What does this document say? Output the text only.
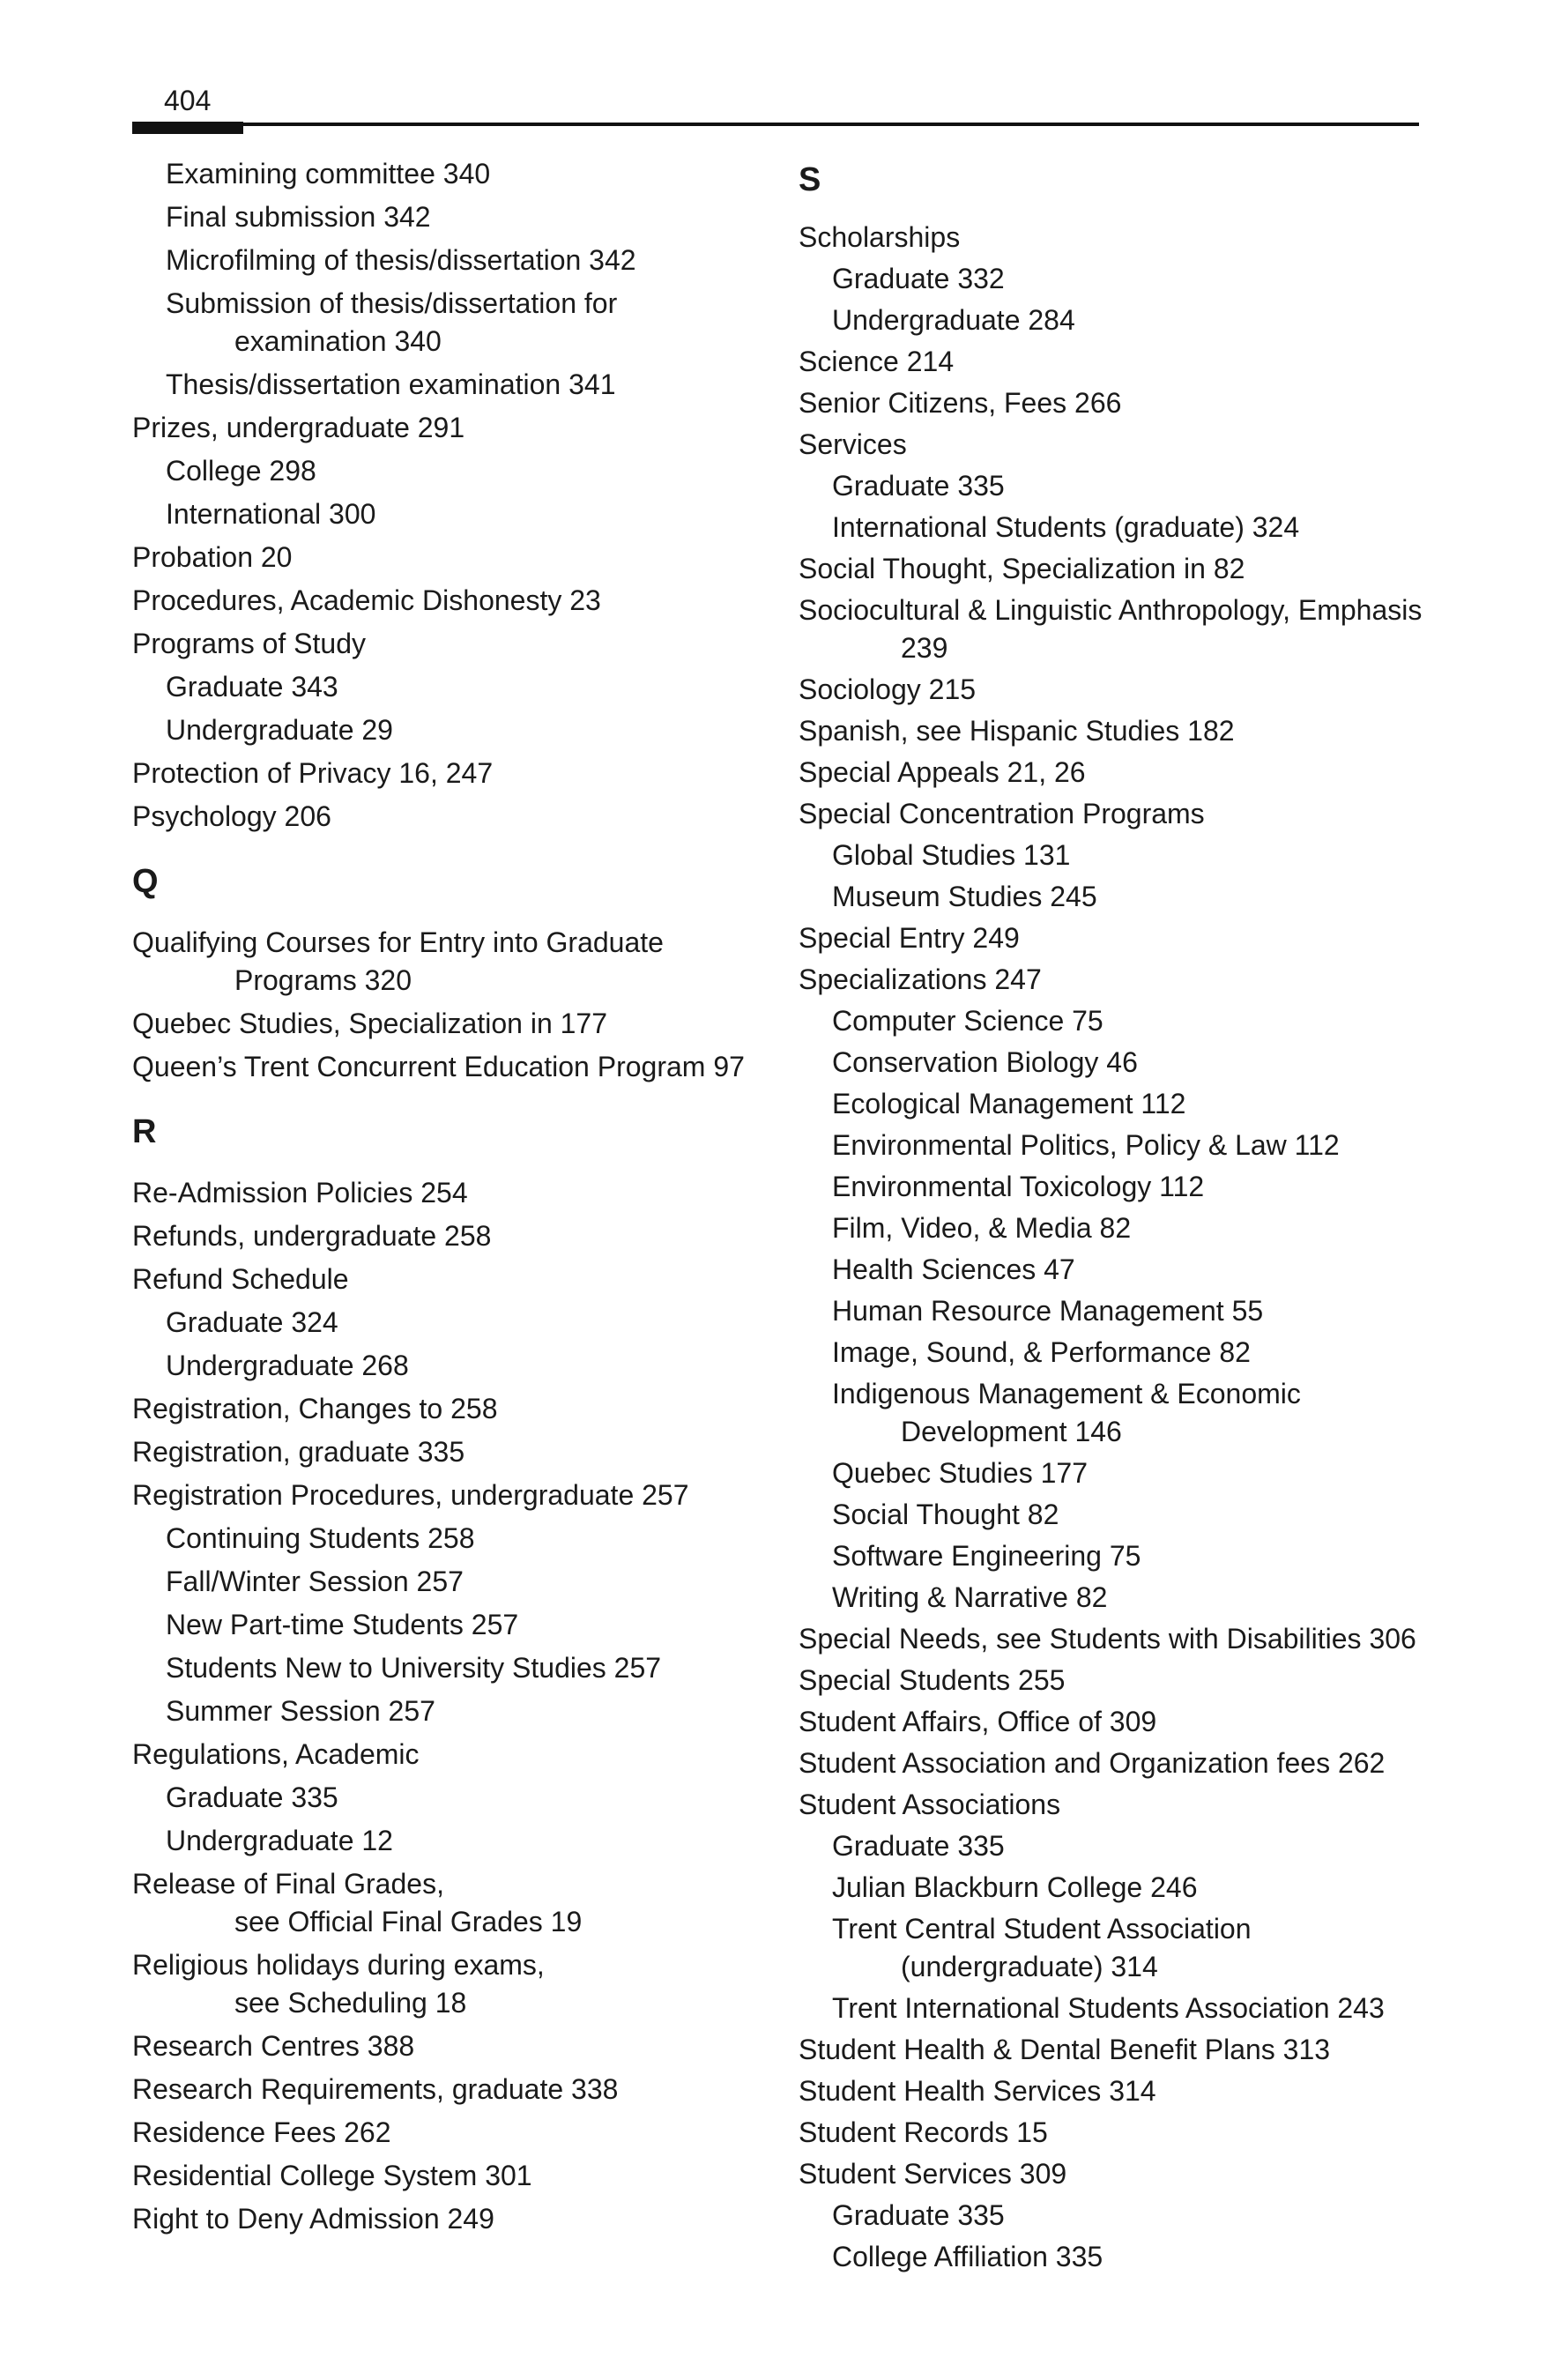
404
Examining committee 340
Final submission 342
Microfilming of thesis/dissertation 342
Submission of thesis/dissertation for
examination 340
Thesis/dissertation examination 341
Prizes, undergraduate 291
College 298
International 300
Probation 20
Procedures, Academic Dishonesty 23
Programs of Study
Graduate 343
Undergraduate 29
Protection of Privacy 16, 247
Psychology 206
Q
Qualifying Courses for Entry into Graduate
Programs 320
Quebec Studies, Specialization in 177
Queen’s Trent Concurrent Education Program 97
R
Re-Admission Policies 254
Refunds, undergraduate 258
Refund Schedule
Graduate 324
Undergraduate 268
Registration, Changes to 258
Registration, graduate 335
Registration Procedures, undergraduate 257
Continuing Students 258
Fall/Winter Session 257
New Part-time Students 257
Students New to University Studies 257
Summer Session 257
Regulations, Academic
Graduate 335
Undergraduate 12
Release of Final Grades,
see Official Final Grades 19
Religious holidays during exams,
see Scheduling 18
Research Centres 388
Research Requirements, graduate 338
Residence Fees 262
Residential College System 301
Right to Deny Admission 249
S
Scholarships
Graduate 332
Undergraduate 284
Science 214
Senior Citizens, Fees 266
Services
Graduate 335
International Students (graduate) 324
Social Thought, Specialization in 82
Sociocultural & Linguistic Anthropology, Emphasis
239
Sociology 215
Spanish, see Hispanic Studies 182
Special Appeals 21, 26
Special Concentration Programs
Global Studies 131
Museum Studies 245
Special Entry 249
Specializations 247
Computer Science 75
Conservation Biology 46
Ecological Management 112
Environmental Politics, Policy & Law 112
Environmental Toxicology 112
Film, Video, & Media 82
Health Sciences 47
Human Resource Management 55
Image, Sound, & Performance 82
Indigenous Management & Economic
Development 146
Quebec Studies 177
Social Thought 82
Software Engineering 75
Writing & Narrative 82
Special Needs, see Students with Disabilities 306
Special Students 255
Student Affairs, Office of 309
Student Association and Organization fees 262
Student Associations
Graduate 335
Julian Blackburn College 246
Trent Central Student Association
(undergraduate) 314
Trent International Students Association 243
Student Health & Dental Benefit Plans 313
Student Health Services 314
Student Records 15
Student Services 309
Graduate 335
College Affiliation 335
